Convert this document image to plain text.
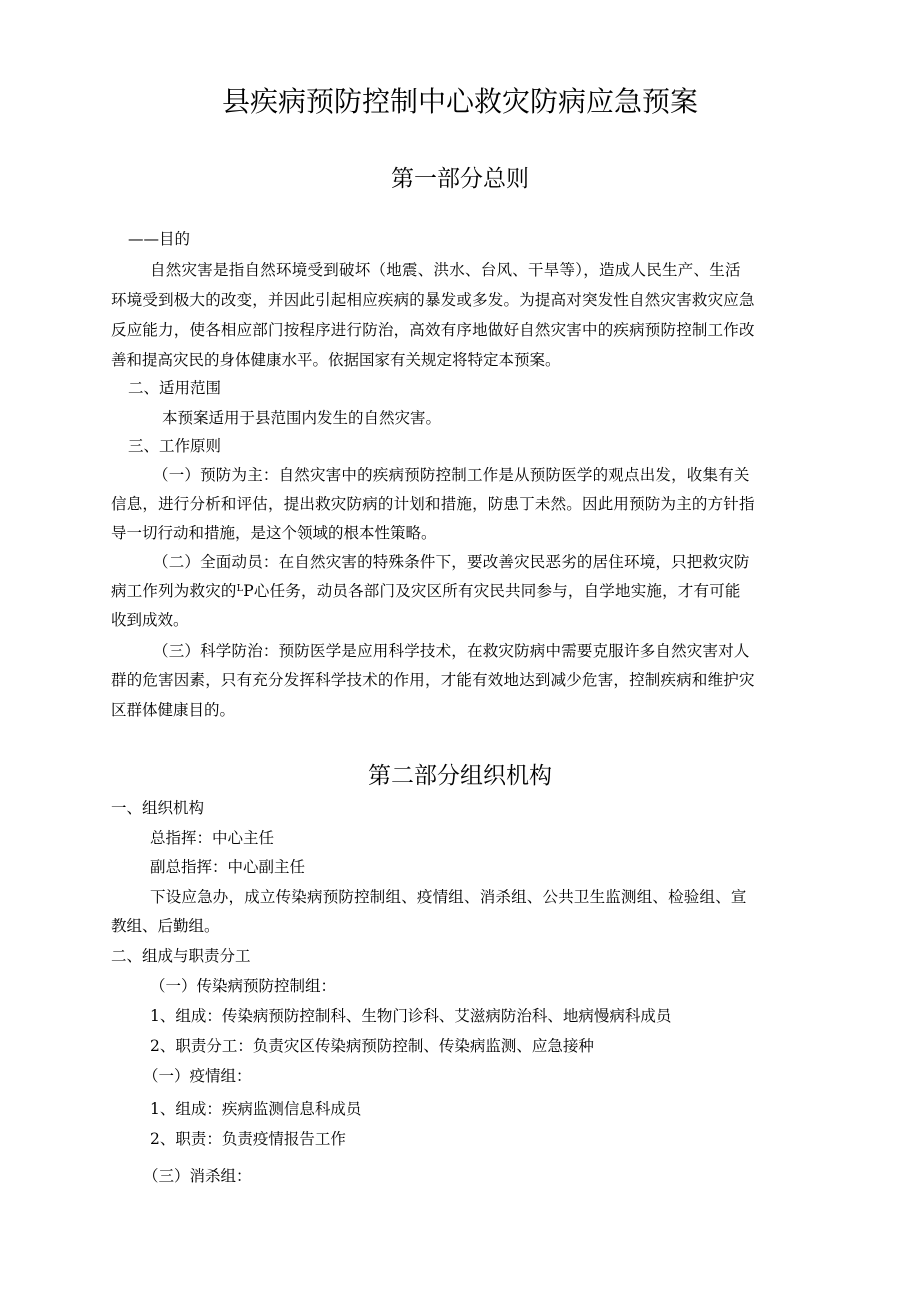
县疾病预防控制中心救灾防病应急预案
第一部分总则
——目的
自然灾害是指自然环境受到破坏（地震、洪水、台风、干旱等），造成人民生产、生活
环境受到极大的改变，并因此引起相应疾病的暴发或多发。为提高对突发性自然灾害救灾应急
反应能力，使各相应部门按程序进行防治，高效有序地做好自然灾害中的疾病预防控制工作改
善和提高灾民的身体健康水平。依据国家有关规定将特定本预案。
二、适用范围
本预案适用于县范围内发生的自然灾害。
三、工作原则
（一）预防为主：自然灾害中的疾病预防控制工作是从预防医学的观点出发，收集有关
信息，进行分析和评估，提出救灾防病的计划和措施，防患丁未然。因此用预防为主的方针指
导一切行动和措施，是这个领域的根本性策略。
（二）全面动员：在自然灾害的特殊条件下，要改善灾民恶劣的居住环境，只把救灾防
病工作列为救灾的ᴸP心任务，动员各部门及灾区所有灾民共同参与，自学地实施，才有可能
收到成效。
（三）科学防治：预防医学是应用科学技术，在救灾防病中需要克服许多自然灾害对人
群的危害因素，只有充分发挥科学技术的作用，才能有效地达到减少危害，控制疾病和维护灾
区群体健康目的。
第二部分组织机构
一、组织机构
总指挥：中心主任
副总指挥：中心副主任
下设应急办，成立传染病预防控制组、疫情组、消杀组、公共卫生监测组、检验组、宣
教组、后勤组。
二、组成与职责分工
（一）传染病预防控制组：
1、组成：传染病预防控制科、生物门诊科、艾滋病防治科、地病慢病科成员
2、职责分工：负责灾区传染病预防控制、传染病监测、应急接种
（一）疫情组：
1、组成：疾病监测信息科成员
2、职责：负责疫情报告工作
（三）消杀组：
